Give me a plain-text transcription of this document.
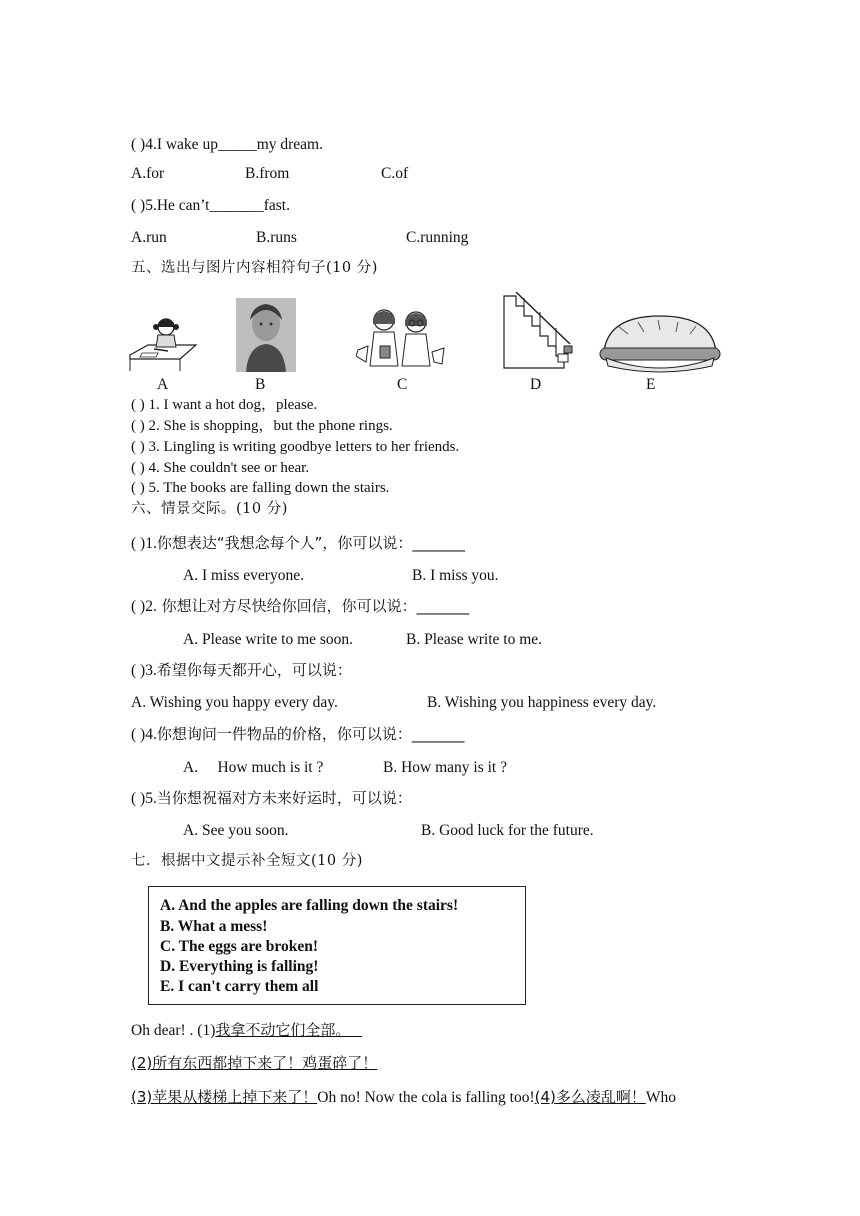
( )4.I wake up_____my dream.
A.for	B.from	C.of
( )5.He can’t_______fast.
A.run	B.runs	C.running
五、选出与图片内容相符句子(10 分)
A	B	C	D	E
( ) 1. I want a hot dog，please.
( ) 2. She is shopping，but the phone rings.
( ) 3. Lingling is writing goodbye letters to her friends.
( ) 4. She couldn't see or hear.
( ) 5. The books are falling down the stairs.
六、情景交际。(10 分)
( )1.你想表达“我想念每个人”，你可以说：_______
A. I miss everyone.	B. I miss you.
( )2. 你想让对方尽快给你回信，你可以说：_______
A. Please write to me soon.	B. Please write to me.
( )3.希望你每天都开心，可以说：
A. Wishing you happy every day.	B. Wishing you happiness every day.
( )4.你想询问一件物品的价格，你可以说：_______
A.     How much is it ?	B. How many is it ?
( )5.当你想祝福对方未来好运时，可以说：
A. See you soon.	B. Good luck for the future.
七．根据中文提示补全短文(10 分)
A. And the apples are falling down the stairs!
B. What a mess!
C. The eggs are broken!
D. Everything is falling!
E. I can't carry them all
Oh dear! . (1)我拿不动它们全部。
(2)所有东西都掉下来了！鸡蛋碎了！
(3)苹果从楼梯上掉下来了！Oh no! Now the cola is falling too!(4)多么凌乱啊！Who
